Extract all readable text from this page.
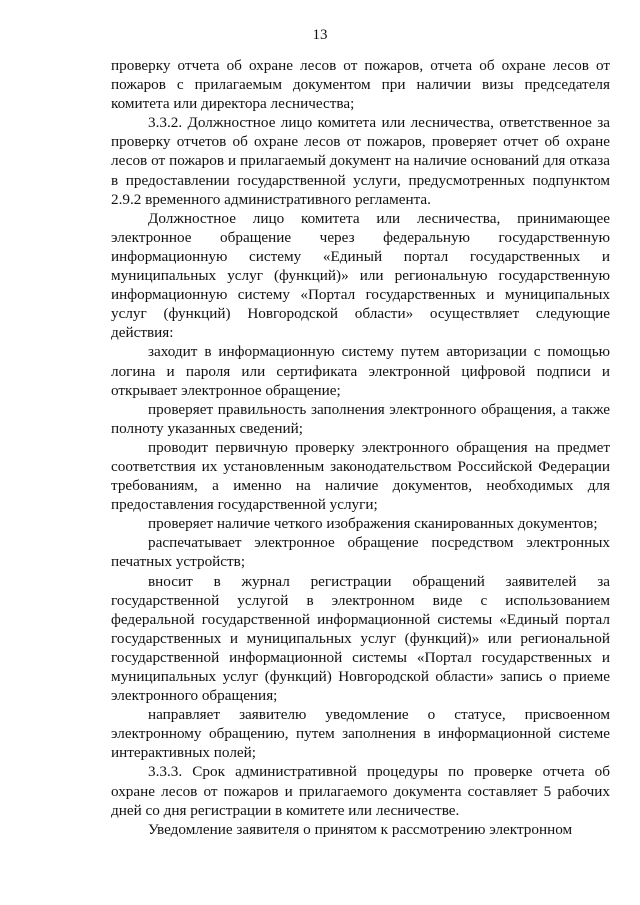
13

проверку отчета об охране лесов от пожаров, отчета об охране лесов от пожаров с прилагаемым документом при наличии визы председателя комитета или директора лесничества;

3.3.2. Должностное лицо комитета или лесничества, ответственное за проверку отчетов об охране лесов от пожаров, проверяет отчет об охране лесов от пожаров и прилагаемый документ на наличие оснований для отказа в предоставлении государственной услуги, предусмотренных подпунктом 2.9.2 временного административного регламента.

Должностное лицо комитета или лесничества, принимающее электронное обращение через федеральную государственную информационную систему «Единый портал государственных и муниципальных услуг (функций)» или региональную государственную информационную систему «Портал государственных и муниципальных услуг (функций) Новгородской области» осуществляет следующие действия:

заходит в информационную систему путем авторизации с помощью логина и пароля или сертификата электронной цифровой подписи и открывает электронное обращение;

проверяет правильность заполнения электронного обращения, а также полноту указанных сведений;

проводит первичную проверку электронного обращения на предмет соответствия их установленным законодательством Российской Федерации требованиям, а именно на наличие документов, необходимых для предоставления государственной услуги;

проверяет наличие четкого изображения сканированных документов;

распечатывает электронное обращение посредством электронных печатных устройств;

вносит в журнал регистрации обращений заявителей за государственной услугой в электронном виде с использованием федеральной государственной информационной системы «Единый портал государственных и муниципальных услуг (функций)» или региональной государственной информационной системы «Портал государственных и муниципальных услуг (функций) Новгородской области» запись о приеме электронного обращения;

направляет заявителю уведомление о статусе, присвоенном электронному обращению, путем заполнения в информационной системе интерактивных полей;

3.3.3. Срок административной процедуры по проверке отчета об охране лесов от пожаров и прилагаемого документа составляет 5 рабочих дней со дня регистрации в комитете или лесничестве.

Уведомление заявителя о принятом к рассмотрению электронном
